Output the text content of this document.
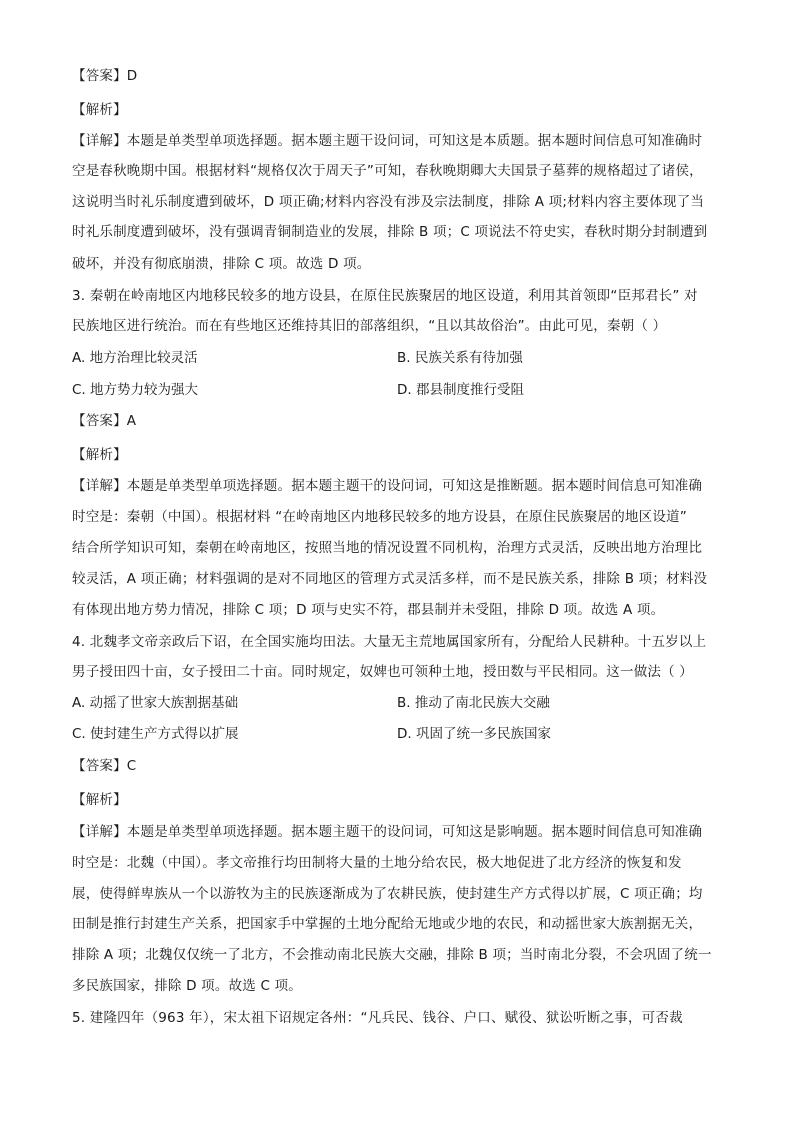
【答案】D
【解析】
【详解】本题是单类型单项选择题。据本题主题干设问词，可知这是本质题。据本题时间信息可知准确时
空是春秋晚期中国。根据材料“规格仅次于周天子”可知，春秋晚期卿大夫国景子墓葬的规格超过了诸侯，
这说明当时礼乐制度遭到破坏，D 项正确;材料内容没有涉及宗法制度，排除 A 项;材料内容主要体现了当
时礼乐制度遭到破坏，没有强调青铜制造业的发展，排除 B 项；C 项说法不符史实，春秋时期分封制遭到
破坏，并没有彻底崩溃，排除 C 项。故选 D 项。
3. 秦朝在岭南地区内地移民较多的地方设县，在原住民族聚居的地区设道，利用其首领即“臣邦君长” 对
民族地区进行统治。而在有些地区还维持其旧的部落组织，“且以其故俗治”。由此可见，秦朝（ ）
A. 地方治理比较灵活	B. 民族关系有待加强
C. 地方势力较为强大	D. 郡县制度推行受阻
【答案】A
【解析】
【详解】本题是单类型单项选择题。据本题主题干的设问词，可知这是推断题。据本题时间信息可知准确
时空是：秦朝（中国）。根据材料 “在岭南地区内地移民较多的地方设县，在原住民族聚居的地区设道”
结合所学知识可知，秦朝在岭南地区，按照当地的情况设置不同机构，治理方式灵活，反映出地方治理比
较灵活，A 项正确；材料强调的是对不同地区的管理方式灵活多样，而不是民族关系，排除 B 项；材料没
有体现出地方势力情况，排除 C 项；D 项与史实不符，郡县制并未受阻，排除 D 项。故选 A 项。
4. 北魏孝文帝亲政后下诏，在全国实施均田法。大量无主荒地属国家所有，分配给人民耕种。十五岁以上
男子授田四十亩，女子授田二十亩。同时规定，奴婢也可领种土地，授田数与平民相同。这一做法（ ）
A. 动摇了世家大族割据基础	B. 推动了南北民族大交融
C. 使封建生产方式得以扩展	D. 巩固了统一多民族国家
【答案】C
【解析】
【详解】本题是单类型单项选择题。据本题主题干的设问词，可知这是影响题。据本题时间信息可知准确
时空是：北魏（中国）。孝文帝推行均田制将大量的土地分给农民，极大地促进了北方经济的恢复和发
展，使得鲜卑族从一个以游牧为主的民族逐渐成为了农耕民族，使封建生产方式得以扩展，C 项正确；均
田制是推行封建生产关系，把国家手中掌握的土地分配给无地或少地的农民，和动摇世家大族割据无关，
排除 A 项；北魏仅仅统一了北方，不会推动南北民族大交融，排除 B 项；当时南北分裂，不会巩固了统一
多民族国家，排除 D 项。故选 C 项。
5. 建隆四年（963 年），宋太祖下诏规定各州：“凡兵民、钱谷、户口、赋役、狱讼听断之事，可否裁
